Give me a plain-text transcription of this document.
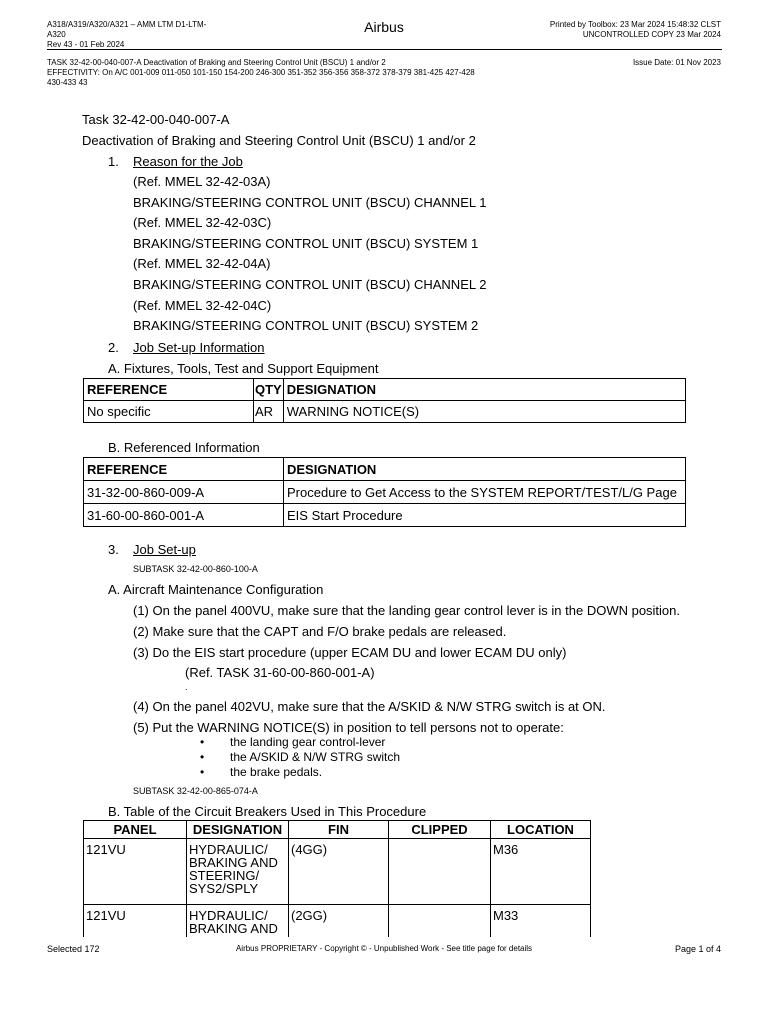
A318/A319/A320/A321 – AMM LTM D1-LTM-
A320
Rev 43 - 01 Feb 2024
Airbus	Printed by Toolbox: 23 Mar 2024 15:48:32 CLST
UNCONTROLLED COPY 23 Mar 2024
TASK 32-42-00-040-007-A Deactivation of Braking and Steering Control Unit (BSCU) 1 and/or 2
EFFECTIVITY: On A/C 001-009 011-050 101-150 154-200 246-300 351-352 356-356 358-372 378-379 381-425 427-428
430-433 43
Issue Date: 01 Nov 2023
Task 32-42-00-040-007-A
Deactivation of Braking and Steering Control Unit (BSCU) 1 and/or 2
1. Reason for the Job
(Ref. MMEL 32-42-03A)
BRAKING/STEERING CONTROL UNIT (BSCU) CHANNEL 1
(Ref. MMEL 32-42-03C)
BRAKING/STEERING CONTROL UNIT (BSCU) SYSTEM 1
(Ref. MMEL 32-42-04A)
BRAKING/STEERING CONTROL UNIT (BSCU) CHANNEL 2
(Ref. MMEL 32-42-04C)
BRAKING/STEERING CONTROL UNIT (BSCU) SYSTEM 2
2. Job Set-up Information
A. Fixtures, Tools, Test and Support Equipment
REFERENCE	QTY	DESIGNATION
No specific	AR	WARNING NOTICE(S)
B. Referenced Information
REFERENCE	DESIGNATION
31-32-00-860-009-A	Procedure to Get Access to the SYSTEM REPORT/TEST/L/G Page
31-60-00-860-001-A	EIS Start Procedure
3. Job Set-up
SUBTASK 32-42-00-860-100-A
A. Aircraft Maintenance Configuration
(1) On the panel 400VU, make sure that the landing gear control lever is in the DOWN position.
(2) Make sure that the CAPT and F/O brake pedals are released.
(3) Do the EIS start procedure (upper ECAM DU and lower ECAM DU only)
(Ref. TASK 31-60-00-860-001-A)
.
(4) On the panel 402VU, make sure that the A/SKID & N/W STRG switch is at ON.
(5) Put the WARNING NOTICE(S) in position to tell persons not to operate:
• the landing gear control-lever
• the A/SKID & N/W STRG switch
• the brake pedals.
SUBTASK 32-42-00-865-074-A
B. Table of the Circuit Breakers Used in This Procedure
PANEL	DESIGNATION	FIN	CLIPPED	LOCATION
121VU	HYDRAULIC/
BRAKING AND
STEERING/
SYS2/SPLY	(4GG)		M36
121VU	HYDRAULIC/
BRAKING AND	(2GG)		M33
Selected 172	Airbus PROPRIETARY - Copyright © - Unpublished Work - See title page for details	Page 1 of 4
